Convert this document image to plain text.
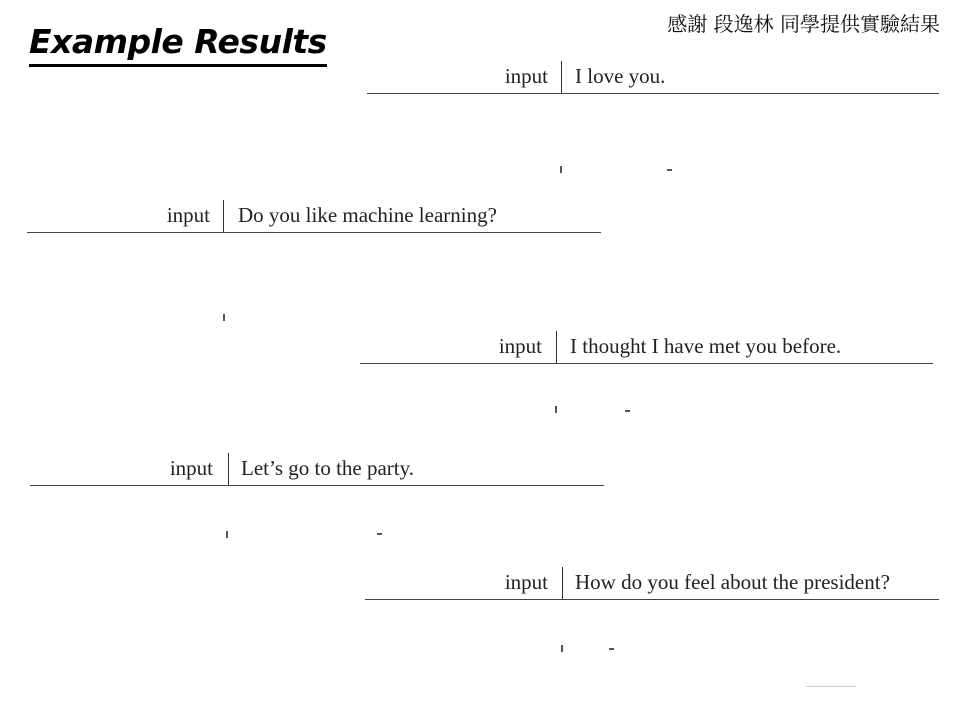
Example Results	感謝 段逸林 同學提供實驗結果
input I love you.
input Do you like machine learning?
input I thought I have met you before.
input Let’s go to the party.
input How do you feel about the president?
